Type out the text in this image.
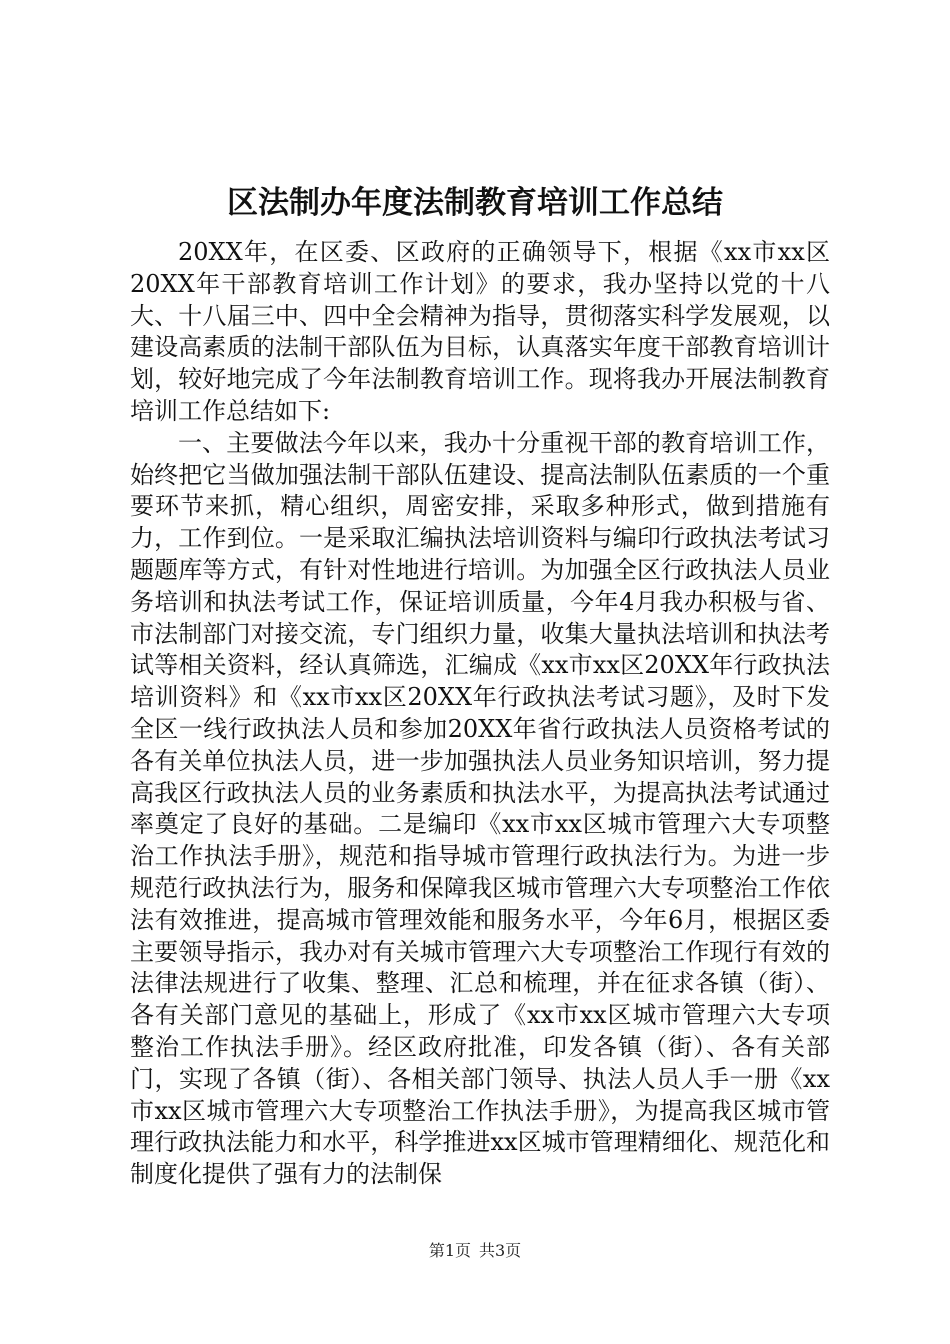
区法制办年度法制教育培训工作总结

20XX年，在区委、区政府的正确领导下，根据《xx市xx区20XX年干部教育培训工作计划》的要求，我办坚持以党的十八大、十八届三中、四中全会精神为指导，贯彻落实科学发展观，以建设高素质的法制干部队伍为目标，认真落实年度干部教育培训计划，较好地完成了今年法制教育培训工作。现将我办开展法制教育培训工作总结如下:

一、主要做法今年以来，我办十分重视干部的教育培训工作，始终把它当做加强法制干部队伍建设、提高法制队伍素质的一个重要环节来抓，精心组织，周密安排，采取多种形式，做到措施有力，工作到位。一是采取汇编执法培训资料与编印行政执法考试习题题库等方式，有针对性地进行培训。为加强全区行政执法人员业务培训和执法考试工作，保证培训质量，今年4月我办积极与省、市法制部门对接交流，专门组织力量，收集大量执法培训和执法考试等相关资料，经认真筛选，汇编成《xx市xx区20XX年行政执法培训资料》和《xx市xx区20XX年行政执法考试习题》，及时下发全区一线行政执法人员和参加20XX年省行政执法人员资格考试的各有关单位执法人员，进一步加强执法人员业务知识培训，努力提高我区行政执法人员的业务素质和执法水平，为提高执法考试通过率奠定了良好的基础。二是编印《xx市xx区城市管理六大专项整治工作执法手册》，规范和指导城市管理行政执法行为。为进一步规范行政执法行为，服务和保障我区城市管理六大专项整治工作依法有效推进，提高城市管理效能和服务水平，今年6月，根据区委主要领导指示，我办对有关城市管理六大专项整治工作现行有效的法律法规进行了收集、整理、汇总和梳理，并在征求各镇（街）、各有关部门意见的基础上，形成了《xx市xx区城市管理六大专项整治工作执法手册》。经区政府批准，印发各镇（街）、各有关部门，实现了各镇（街）、各相关部门领导、执法人员人手一册《xx市xx区城市管理六大专项整治工作执法手册》，为提高我区城市管理行政执法能力和水平，科学推进xx区城市管理精细化、规范化和制度化提供了强有力的法制保

第1页 共3页
